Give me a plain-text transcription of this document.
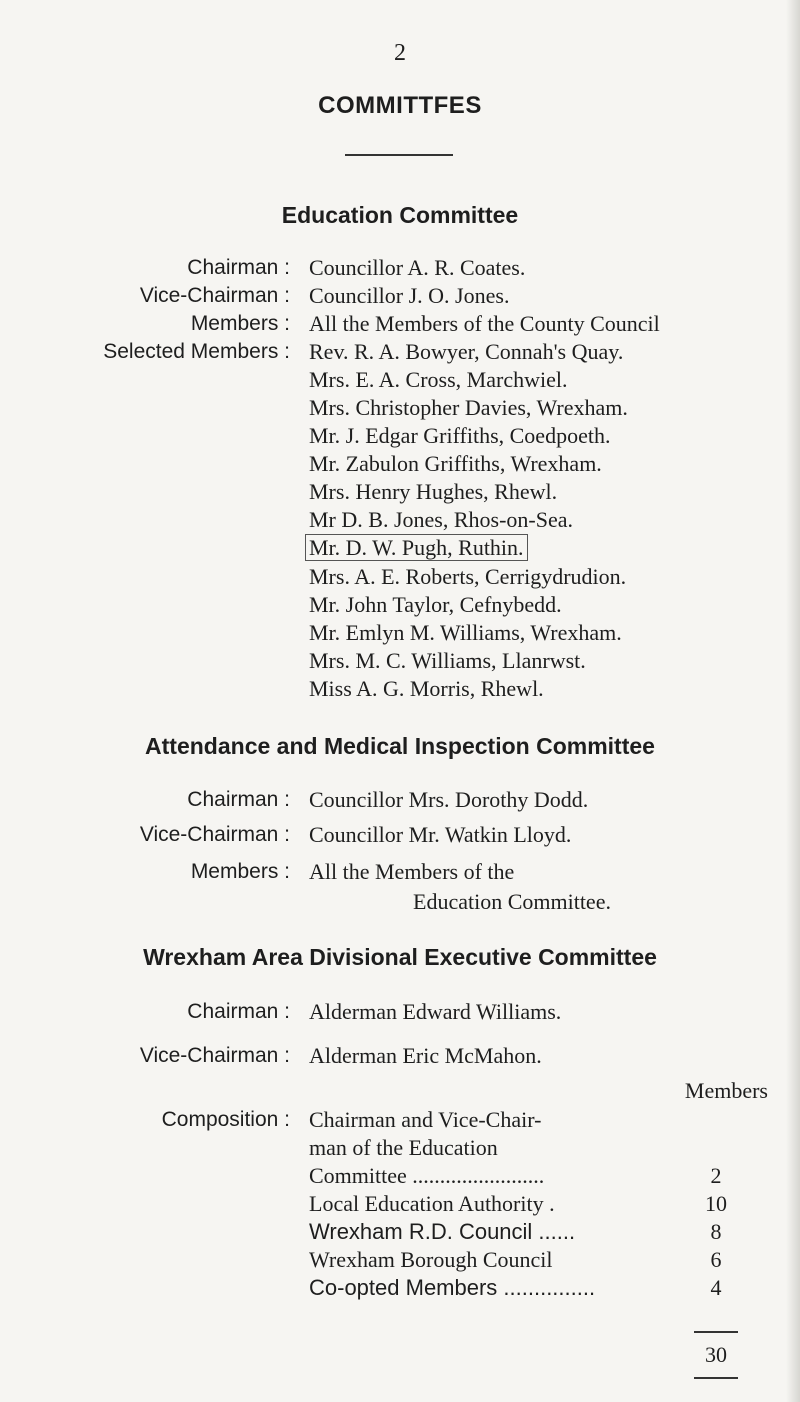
2
COMMITTFES
Education Committee
Chairman : Councillor A. R. Coates.
Vice-Chairman : Councillor J. O. Jones.
Members : All the Members of the County Council
Selected Members : Rev. R. A. Bowyer, Connah's Quay.
Mrs. E. A. Cross, Marchwiel.
Mrs. Christopher Davies, Wrexham.
Mr. J. Edgar Griffiths, Coedpoeth.
Mr. Zabulon Griffiths, Wrexham.
Mrs. Henry Hughes, Rhewl.
Mr D. B. Jones, Rhos-on-Sea.
Mr. D. W. Pugh, Ruthin.
Mrs. A. E. Roberts, Cerrigydrudion.
Mr. John Taylor, Cefnybedd.
Mr. Emlyn M. Williams, Wrexham.
Mrs. M. C. Williams, Llanrwst.
Miss A. G. Morris, Rhewl.
Attendance and Medical Inspection Committee
Chairman : Councillor Mrs. Dorothy Dodd.
Vice-Chairman : Councillor Mr. Watkin Lloyd.
Members : All the Members of the
Education Committee.
Wrexham Area Divisional Executive Committee
Chairman : Alderman Edward Williams.
Vice-Chairman : Alderman Eric McMahon.
Members
Composition : Chairman and Vice-Chair-
man of the Education
Committee ........................	2
Local Education Authority .	10
Wrexham R.D. Council ......	8
Wrexham Borough Council	6
Co-opted Members ...............	4
30
